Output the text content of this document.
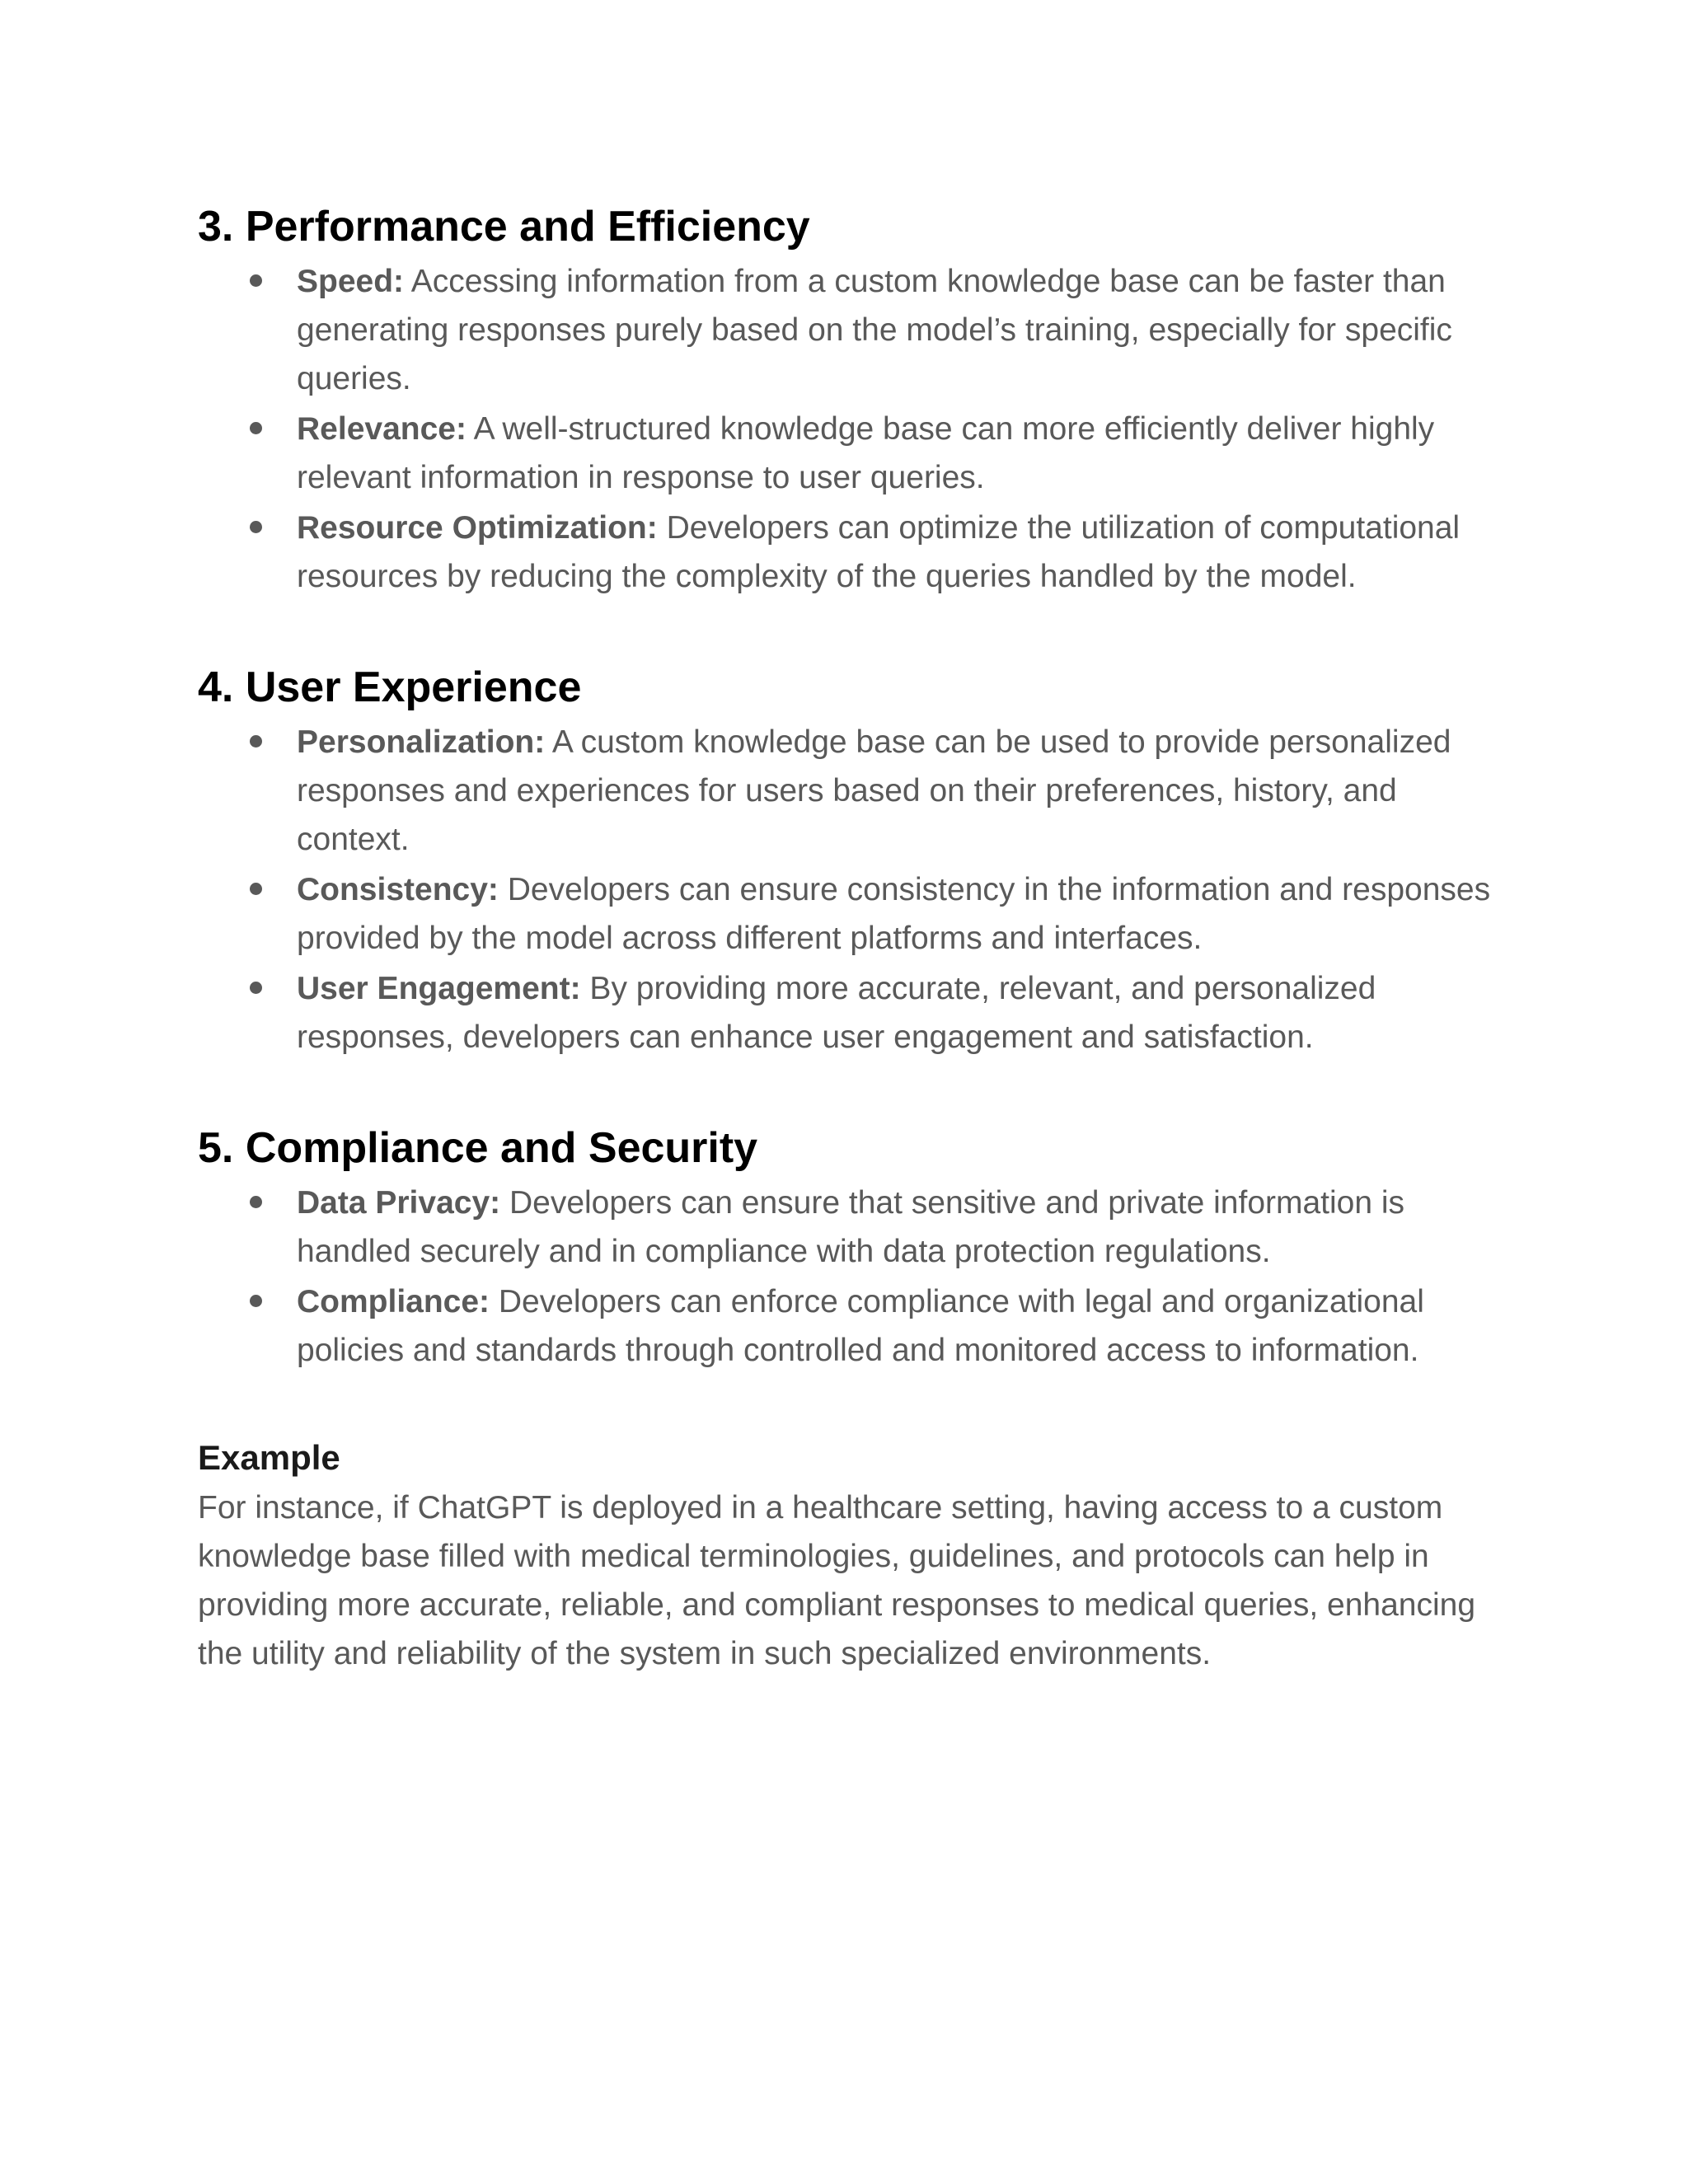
3. Performance and Efficiency
Speed: Accessing information from a custom knowledge base can be faster than generating responses purely based on the model’s training, especially for specific queries.
Relevance: A well-structured knowledge base can more efficiently deliver highly relevant information in response to user queries.
Resource Optimization: Developers can optimize the utilization of computational resources by reducing the complexity of the queries handled by the model.
4. User Experience
Personalization: A custom knowledge base can be used to provide personalized responses and experiences for users based on their preferences, history, and context.
Consistency: Developers can ensure consistency in the information and responses provided by the model across different platforms and interfaces.
User Engagement: By providing more accurate, relevant, and personalized responses, developers can enhance user engagement and satisfaction.
5. Compliance and Security
Data Privacy: Developers can ensure that sensitive and private information is handled securely and in compliance with data protection regulations.
Compliance: Developers can enforce compliance with legal and organizational policies and standards through controlled and monitored access to information.
Example

For instance, if ChatGPT is deployed in a healthcare setting, having access to a custom knowledge base filled with medical terminologies, guidelines, and protocols can help in providing more accurate, reliable, and compliant responses to medical queries, enhancing the utility and reliability of the system in such specialized environments.
